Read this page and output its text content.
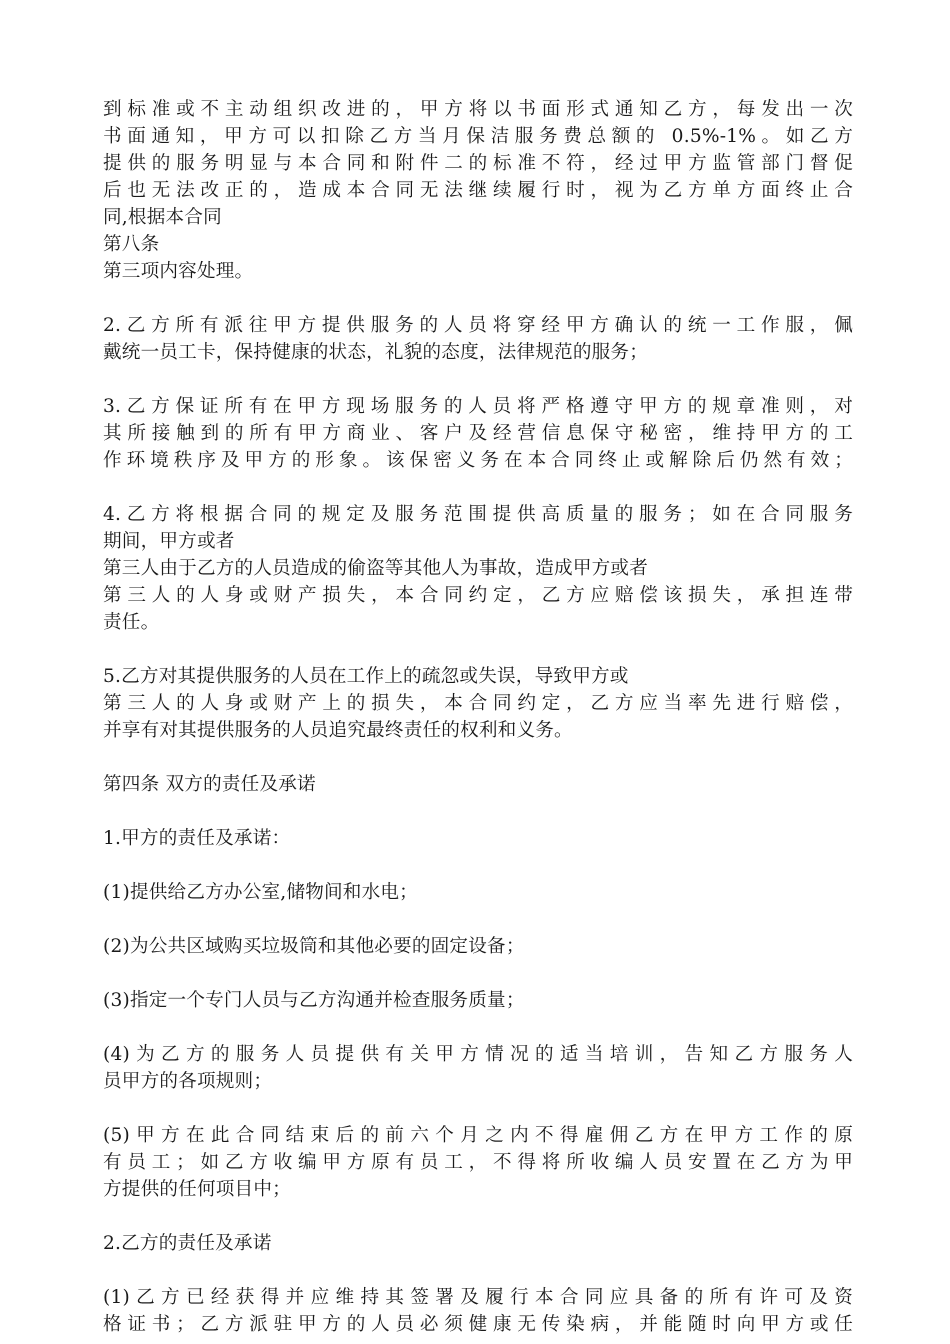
到标准或不主动组织改进的，甲方将以书面形式通知乙方，每发出一次
书面通知，甲方可以扣除乙方当月保洁服务费总额的 0.5%-1%。如乙方
提供的服务明显与本合同和附件二的标准不符，经过甲方监管部门督促
后也无法改正的，造成本合同无法继续履行时，视为乙方单方面终止合
同,根据本合同
第八条
第三项内容处理。
2.乙方所有派往甲方提供服务的人员将穿经甲方确认的统一工作服，佩
戴统一员工卡，保持健康的状态，礼貌的态度，法律规范的服务；
3.乙方保证所有在甲方现场服务的人员将严格遵守甲方的规章准则，对
其所接触到的所有甲方商业、客户及经营信息保守秘密，维持甲方的工
作环境秩序及甲方的形象。该保密义务在本合同终止或解除后仍然有效；
4.乙方将根据合同的规定及服务范围提供高质量的服务；如在合同服务
期间，甲方或者
第三人由于乙方的人员造成的偷盗等其他人为事故，造成甲方或者
第三人的人身或财产损失，本合同约定，乙方应赔偿该损失，承担连带
责任。
5.乙方对其提供服务的人员在工作上的疏忽或失误，导致甲方或
第三人的人身或财产上的损失，本合同约定，乙方应当率先进行赔偿，
并享有对其提供服务的人员追究最终责任的权利和义务。
第四条 双方的责任及承诺
1.甲方的责任及承诺：
(1)提供给乙方办公室,储物间和水电；
(2)为公共区域购买垃圾筒和其他必要的固定设备；
(3)指定一个专门人员与乙方沟通并检查服务质量；
(4)为乙方的服务人员提供有关甲方情况的适当培训，告知乙方服务人
员甲方的各项规则；
(5)甲方在此合同结束后的前六个月之内不得雇佣乙方在甲方工作的原
有员工；如乙方收编甲方原有员工，不得将所收编人员安置在乙方为甲
方提供的任何项目中；
2.乙方的责任及承诺
(1)乙方已经获得并应维持其签署及履行本合同应具备的所有许可及资
格证书；乙方派驻甲方的人员必须健康无传染病，并能随时向甲方或任
